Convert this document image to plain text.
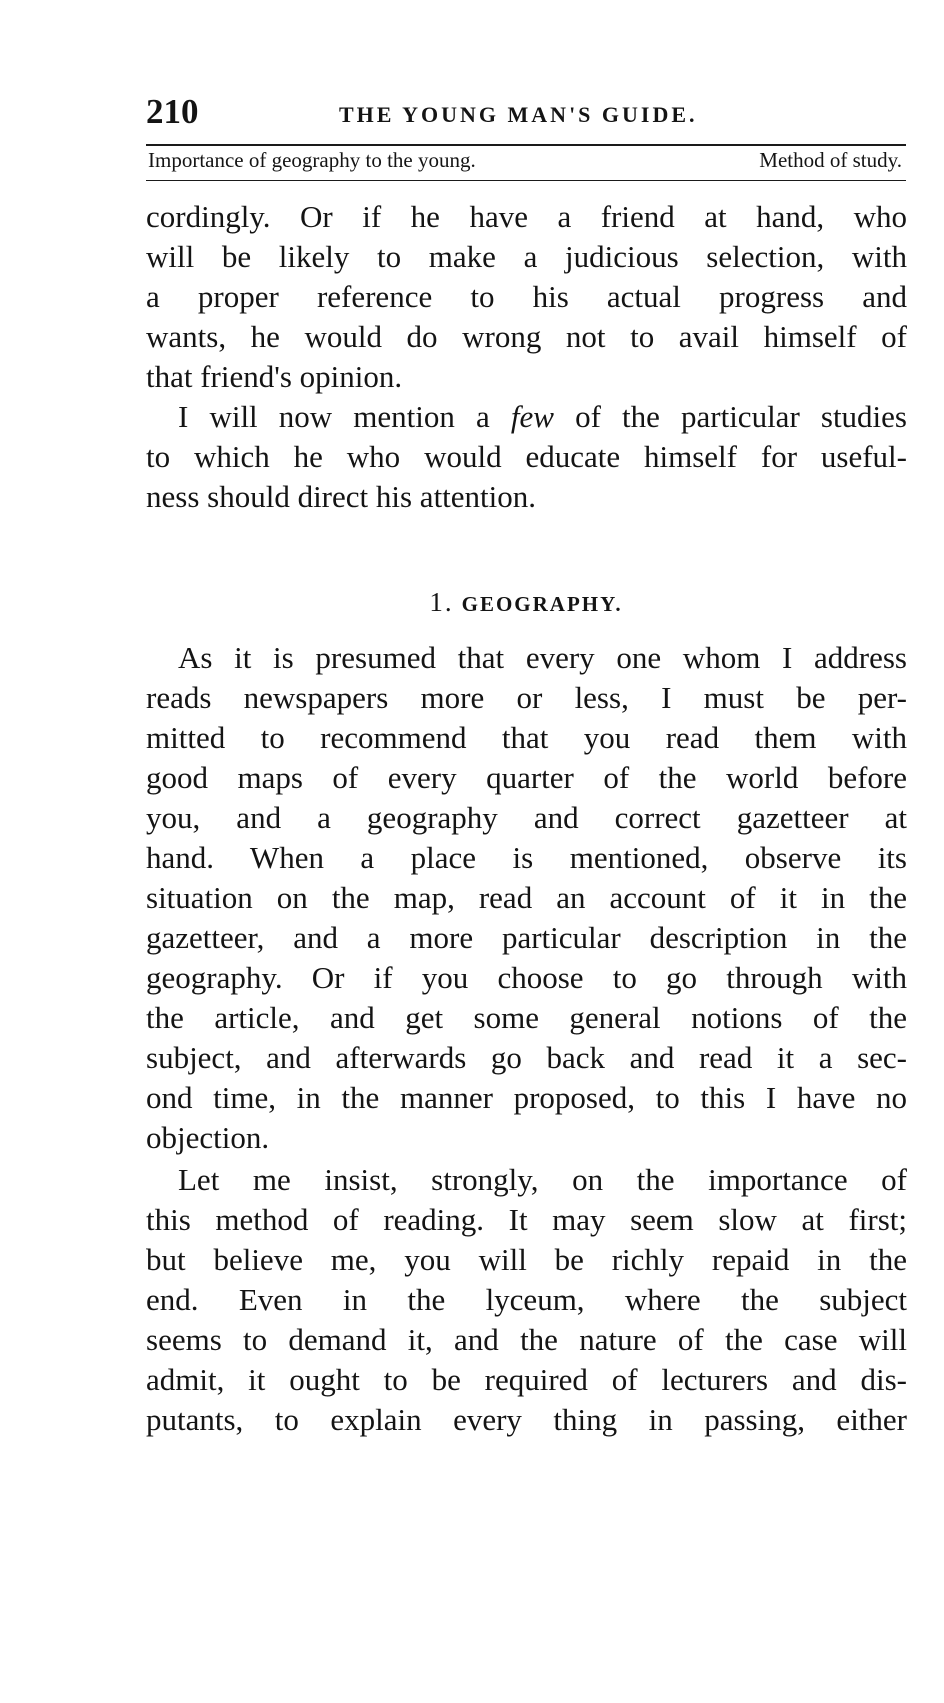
210	THE YOUNG MAN'S GUIDE.
Importance of geography to the young.	Method of study.
cordingly. Or if he have a friend at hand, who
will be likely to make a judicious selection, with
a proper reference to his actual progress and
wants, he would do wrong not to avail himself of
that friend's opinion.
I will now mention a few of the particular studies
to which he who would educate himself for useful-
ness should direct his attention.
1. GEOGRAPHY.
As it is presumed that every one whom I address
reads newspapers more or less, I must be per-
mitted to recommend that you read them with
good maps of every quarter of the world before
you, and a geography and correct gazetteer at
hand. When a place is mentioned, observe its
situation on the map, read an account of it in the
gazetteer, and a more particular description in the
geography. Or if you choose to go through with
the article, and get some general notions of the
subject, and afterwards go back and read it a sec-
ond time, in the manner proposed, to this I have no
objection.
Let me insist, strongly, on the importance of
this method of reading. It may seem slow at first;
but believe me, you will be richly repaid in the
end. Even in the lyceum, where the subject
seems to demand it, and the nature of the case will
admit, it ought to be required of lecturers and dis-
putants, to explain every thing in passing, either
